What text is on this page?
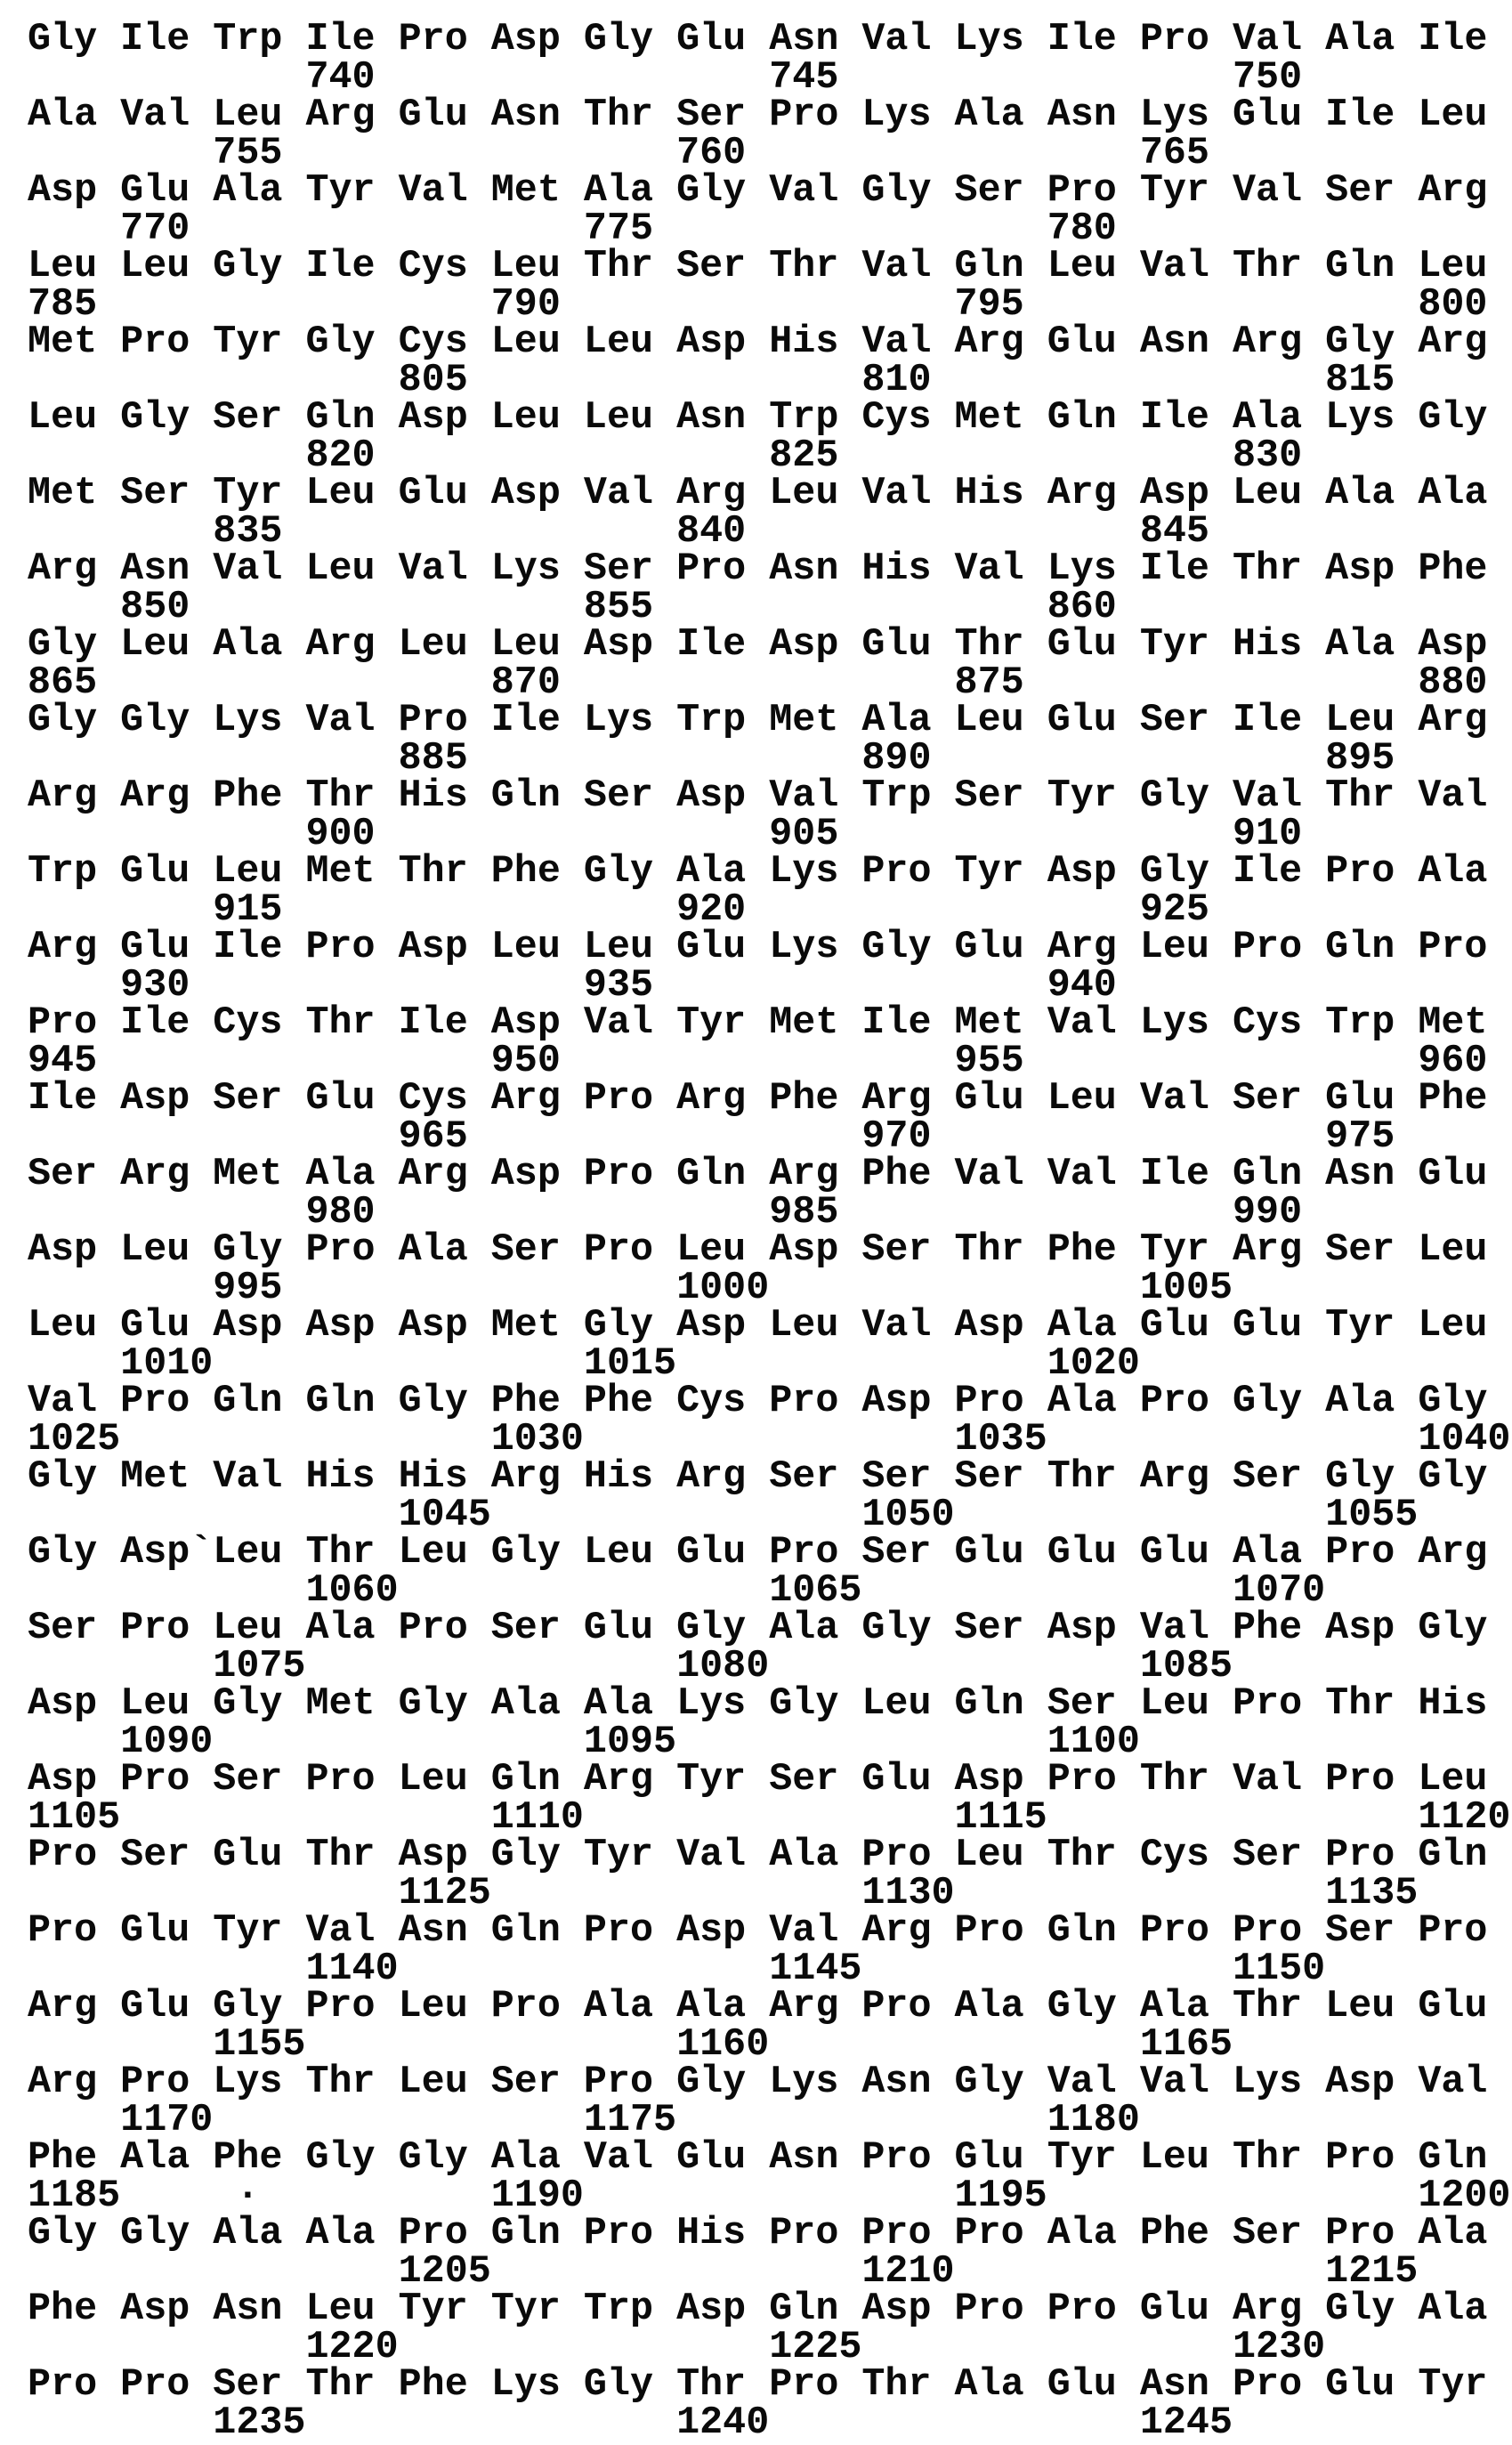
Gly Ile Trp Ile Pro Asp Gly Glu Asn Val Lys Ile Pro Val Ala Ile
740                 745                 750
Ala Val Leu Arg Glu Asn Thr Ser Pro Lys Ala Asn Lys Glu Ile Leu
755                 760                 765
Asp Glu Ala Tyr Val Met Ala Gly Val Gly Ser Pro Tyr Val Ser Arg
770                 775                 780
Leu Leu Gly Ile Cys Leu Thr Ser Thr Val Gln Leu Val Thr Gln Leu
785                 790                 795                 800
Met Pro Tyr Gly Cys Leu Leu Asp His Val Arg Glu Asn Arg Gly Arg
805                 810                 815
Leu Gly Ser Gln Asp Leu Leu Asn Trp Cys Met Gln Ile Ala Lys Gly
820                 825                 830
Met Ser Tyr Leu Glu Asp Val Arg Leu Val His Arg Asp Leu Ala Ala
835                 840                 845
Arg Asn Val Leu Val Lys Ser Pro Asn His Val Lys Ile Thr Asp Phe
850                 855                 860
Gly Leu Ala Arg Leu Leu Asp Ile Asp Glu Thr Glu Tyr His Ala Asp
865                 870                 875                 880
Gly Gly Lys Val Pro Ile Lys Trp Met Ala Leu Glu Ser Ile Leu Arg
885                 890                 895
Arg Arg Phe Thr His Gln Ser Asp Val Trp Ser Tyr Gly Val Thr Val
900                 905                 910
Trp Glu Leu Met Thr Phe Gly Ala Lys Pro Tyr Asp Gly Ile Pro Ala
915                 920                 925
Arg Glu Ile Pro Asp Leu Leu Glu Lys Gly Glu Arg Leu Pro Gln Pro
930                 935                 940
Pro Ile Cys Thr Ile Asp Val Tyr Met Ile Met Val Lys Cys Trp Met
945                 950                 955                 960
Ile Asp Ser Glu Cys Arg Pro Arg Phe Arg Glu Leu Val Ser Glu Phe
965                 970                 975
Ser Arg Met Ala Arg Asp Pro Gln Arg Phe Val Val Ile Gln Asn Glu
980                 985                 990
Asp Leu Gly Pro Ala Ser Pro Leu Asp Ser Thr Phe Tyr Arg Ser Leu
995                 1000                1005
Leu Glu Asp Asp Asp Met Gly Asp Leu Val Asp Ala Glu Glu Tyr Leu
1010                1015                1020
Val Pro Gln Gln Gly Phe Phe Cys Pro Asp Pro Ala Pro Gly Ala Gly
1025                1030                1035                1040
Gly Met Val His His Arg His Arg Ser Ser Ser Thr Arg Ser Gly Gly
1045                1050                1055
Gly Asp`Leu Thr Leu Gly Leu Glu Pro Ser Glu Glu Glu Ala Pro Arg
1060                1065                1070
Ser Pro Leu Ala Pro Ser Glu Gly Ala Gly Ser Asp Val Phe Asp Gly
1075                1080                1085
Asp Leu Gly Met Gly Ala Ala Lys Gly Leu Gln Ser Leu Pro Thr His
1090                1095                1100
Asp Pro Ser Pro Leu Gln Arg Tyr Ser Glu Asp Pro Thr Val Pro Leu
1105                1110                1115                1120
Pro Ser Glu Thr Asp Gly Tyr Val Ala Pro Leu Thr Cys Ser Pro Gln
1125                1130                1135
Pro Glu Tyr Val Asn Gln Pro Asp Val Arg Pro Gln Pro Pro Ser Pro
1140                1145                1150
Arg Glu Gly Pro Leu Pro Ala Ala Arg Pro Ala Gly Ala Thr Leu Glu
1155                1160                1165
Arg Pro Lys Thr Leu Ser Pro Gly Lys Asn Gly Val Val Lys Asp Val
1170                1175                1180
Phe Ala Phe Gly Gly Ala Val Glu Asn Pro Glu Tyr Leu Thr Pro Gln
1185     ·          1190                1195                1200
Gly Gly Ala Ala Pro Gln Pro His Pro Pro Pro Ala Phe Ser Pro Ala
1205                1210                1215
Phe Asp Asn Leu Tyr Tyr Trp Asp Gln Asp Pro Pro Glu Arg Gly Ala
1220                1225                1230
Pro Pro Ser Thr Phe Lys Gly Thr Pro Thr Ala Glu Asn Pro Glu Tyr
1235                1240                1245
